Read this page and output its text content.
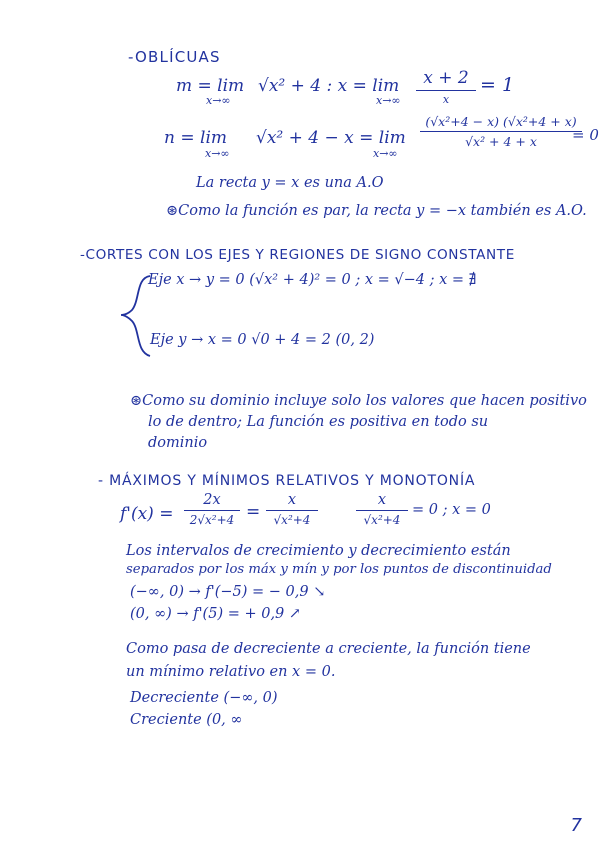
-OBLÍCUAS
m = lim
x→∞
√x² + 4 : x = lim
x→∞
x + 2
x
= 1
n = lim
x→∞
√x² + 4 − x = lim
x→∞
(√x²+4 − x) (√x²+4 + x)
√x² + 4 + x	= 0
La recta y = x es una A.O
⊛Como la función es par, la recta y = −x también es A.O.
-CORTES CON LOS EJES Y REGIONES DE SIGNO CONSTANTE
Eje x → y = 0 (√x² + 4)² = 0 ; x = √−4 ; x = ∄
Eje y → x = 0 √0 + 4 = 2 (0, 2)
⊛Como su dominio incluye solo los valores que hacen positivo
lo de dentro; La función es positiva en todo su
dominio
- MÁXIMOS Y MÍNIMOS RELATIVOS Y MONOTONÍA
f'(x) =
2x
2√x²+4 =
x
√x²+4
x
√x²+4
= 0 ; x = 0
Los intervalos de crecimiento y decrecimiento están
separados por los máx y mín y por los puntos de discontinuidad
(−∞, 0) → f'(−5) = − 0,9 ↘
(0, ∞) → f'(5) = + 0,9 ↗
Como pasa de decreciente a creciente, la función tiene
un mínimo relativo en x = 0.
Decreciente (−∞, 0)
Creciente (0, ∞
7
